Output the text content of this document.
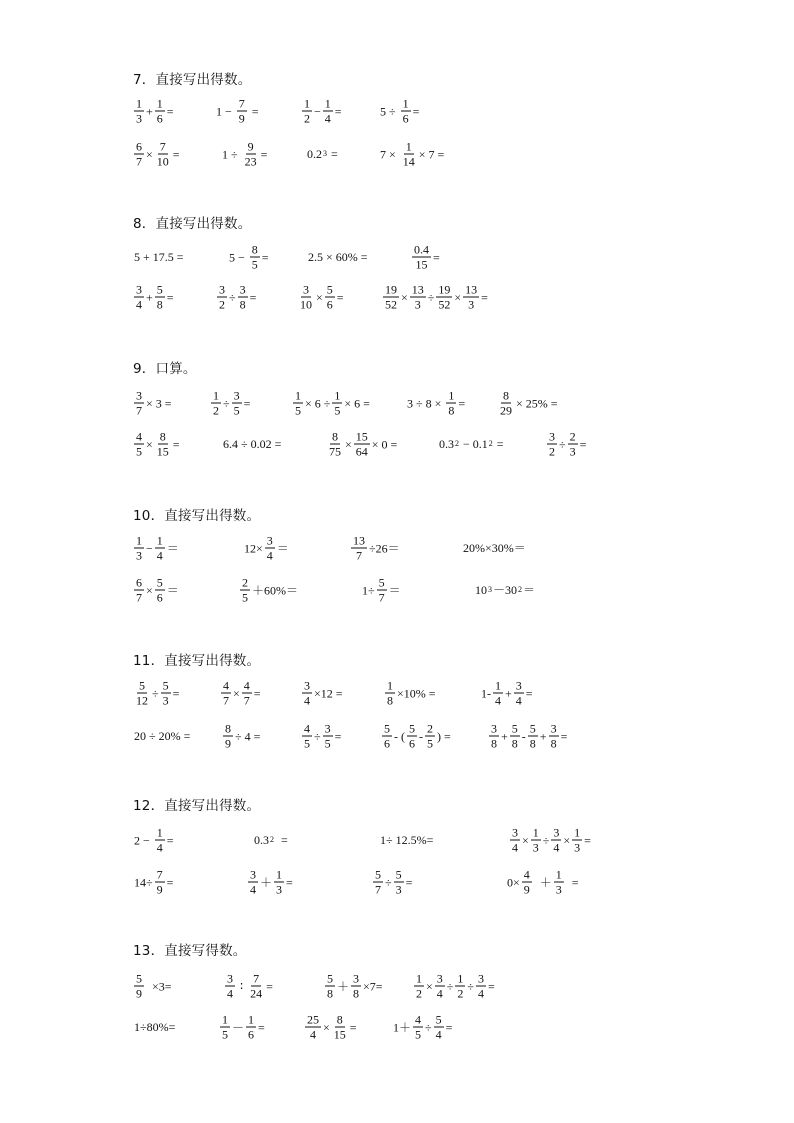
7．直接写出得数。
$\frac{1}{3} + \frac{1}{6}$ =	$1 - \frac{7}{9}$ =	$\frac{1}{2} - \frac{1}{4}$ =	$5 \div \frac{1}{6}$ =
$\frac{6}{7} \times \frac{7}{10}$ =	$1 \div \frac{9}{23}$ =	0.2 3 =	$7 \times \frac{1}{14} \times 7$ =
8．直接写出得数。
5 + 17.5 =	$5 - \frac{8}{5}$ =	2.5 × 60% =	$\frac{0.4}{15}$ =
$\frac{3}{4} + \frac{5}{8}$ =	$\frac{3}{2} \div \frac{3}{8}$ =	$\frac{3}{10} \times \frac{5}{6}$ =	$\frac{19}{52} \times \frac{13}{3} \div \frac{19}{52} \times \frac{13}{3}$ =
9．口算。
$\frac{3}{7} \times 3$ =	$\frac{1}{2} \div \frac{3}{5}$ =	$\frac{1}{5} \times 6 \div \frac{1}{5} \times 6$ =	$3 \div 8 \times \frac{1}{8}$ =	$\frac{8}{29} \times 25\%$ =
$\frac{4}{5} \times \frac{8}{15}$ =	6.4 ÷ 0.02 =	$\frac{8}{75} \times \frac{15}{64} \times 0$ =	0.3 2 − 0.1 2 =	$\frac{3}{2} \div \frac{2}{3}$ =
10．直接写出得数。
$\frac{1}{3} - \frac{1}{4}$ ＝	$12\times \frac{3}{4}$ ＝	$\frac{13}{7} \div 26=$	20%×30%＝
$\frac{6}{7} \times \frac{5}{6}$ ＝	$\frac{2}{5} +60\%=$	$1\div \frac{5}{7}$ ＝	10 3 －30 2 ＝
11．直接写出得数。
$\frac{5}{12} \div \frac{5}{3}$ =	$\frac{4}{7} \times \frac{4}{7}$ =	$\frac{3}{4} \times 12$ =	$\frac{1}{8} \times 10\%$ =	$1- \frac{1}{4} + \frac{3}{4}$ =
20 ÷ 20% =	$\frac{8}{9} \div 4$ =	$\frac{4}{5} \div \frac{3}{5}$ =	$\frac{5}{6}$ - ( $\frac{5}{6} - \frac{2}{5}$ ) =	$\frac{3}{8} + \frac{5}{8} - \frac{5}{8} + \frac{3}{8}$ =
12．直接写出得数。
$2 - \frac{1}{4}$ =	0.3 2 =	1÷ 12.5%=	$\frac{3}{4} \times \frac{1}{3} \div \frac{3}{4} \times \frac{1}{3}$ =
$14\div \frac{7}{9}$ =	$\frac{3}{4} + \frac{1}{3}$ =	$\frac{5}{7} \div \frac{5}{3}$ =	$0\times \frac{4}{9} + \frac{1}{3}$ =
13．直接写得数。
$\frac{5}{9} \times 3=$	$\frac{3}{4}$ ∶ $\frac{7}{24}$ =	$\frac{5}{8} + \frac{3}{8} \times 7=$	$\frac{1}{2} \times \frac{3}{4} \div \frac{1}{2} \div \frac{3}{4}$ =
1÷80%=	$\frac{1}{5} - \frac{1}{6}$ =	$\frac{25}{4} \times \frac{8}{15}$ =	$1+ \frac{4}{5} \div \frac{5}{4}$ =
